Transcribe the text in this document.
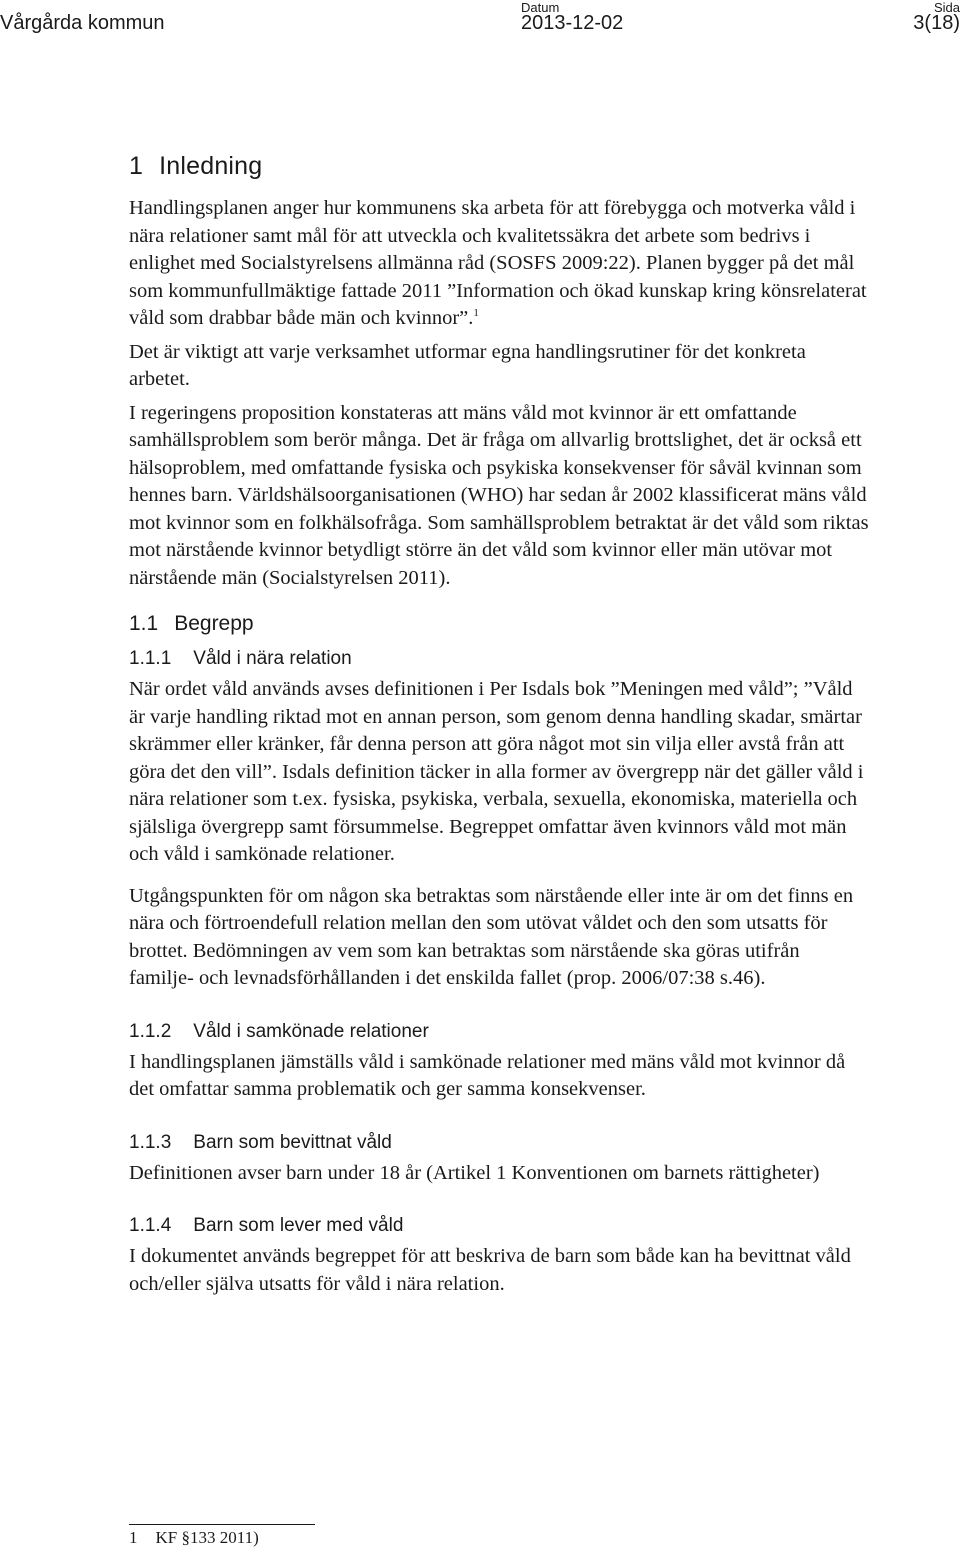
Vårgårda kommun
Datum
2013-12-02
Sida
3(18)
1 Inledning

Handlingsplanen anger hur kommunens ska arbeta för att förebygga och motverka våld i nära relationer samt mål för att utveckla och kvalitetssäkra det arbete som bedrivs i enlighet med Socialstyrelsens allmänna råd (SOSFS 2009:22). Planen bygger på det mål som kommunfullmäktige fattade 2011 ”Information och ökad kunskap kring könsrelaterat våld som drabbar både män och kvinnor”.$^1$

Det är viktigt att varje verksamhet utformar egna handlingsrutiner för det konkreta arbetet.

I regeringens proposition konstateras att mäns våld mot kvinnor är ett omfattande samhällsproblem som berör många. Det är fråga om allvarlig brottslighet, det är också ett hälsoproblem, med omfattande fysiska och psykiska konsekvenser för såväl kvinnan som hennes barn. Världshälsoorganisationen (WHO) har sedan år 2002 klassificerat mäns våld mot kvinnor som en folkhälsofråga. Som samhällsproblem betraktat är det våld som riktas mot närstående kvinnor betydligt större än det våld som kvinnor eller män utövar mot närstående män (Socialstyrelsen 2011).

1.1 Begrepp
1.1.1 Våld i nära relation

När ordet våld används avses definitionen i Per Isdals bok ”Meningen med våld”; ”Våld är varje handling riktad mot en annan person, som genom denna handling skadar, smärtar skrämmer eller kränker, får denna person att göra något mot sin vilja eller avstå från att göra det den vill”. Isdals definition täcker in alla former av övergrepp när det gäller våld i nära relationer som t.ex. fysiska, psykiska, verbala, sexuella, ekonomiska, materiella och själsliga övergrepp samt försummelse. Begreppet omfattar även kvinnors våld mot män och våld i samkönade relationer.

Utgångspunkten för om någon ska betraktas som närstående eller inte är om det finns en nära och förtroendefull relation mellan den som utövat våldet och den som utsatts för brottet. Bedömningen av vem som kan betraktas som närstående ska göras utifrån familje- och levnadsförhållanden i det enskilda fallet (prop. 2006/07:38 s.46).

1.1.2 Våld i samkönade relationer

I handlingsplanen jämställs våld i samkönade relationer med mäns våld mot kvinnor då det omfattar samma problematik och ger samma konsekvenser.

1.1.3 Barn som bevittnat våld

Definitionen avser barn under 18 år (Artikel 1 Konventionen om barnets rättigheter)

1.1.4 Barn som lever med våld

I dokumentet används begreppet för att beskriva de barn som både kan ha bevittnat våld och/eller själva utsatts för våld i nära relation.

1 KF §133 2011)
